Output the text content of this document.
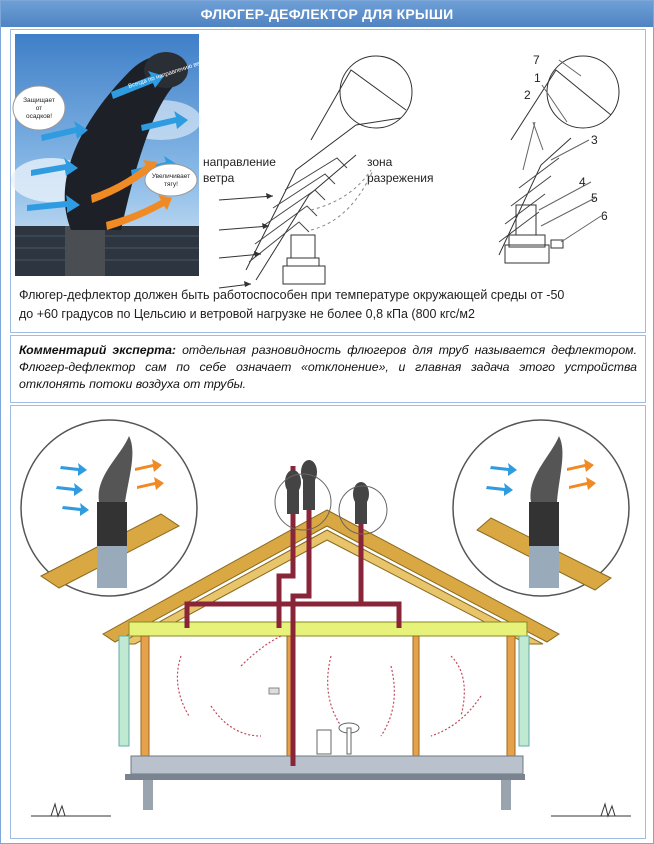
ФЛЮГЕР-ДЕФЛЕКТОР ДЛЯ КРЫШИ
Защищает от осадков!
Увеличивает тягу!
Всегда по направлению ветра!
направление
ветра
зона
разрежения
7
1
2
3
4
5
6
Флюгер-дефлектор должен быть работоспособен при температуре окружающей среды от -50
до +60 градусов по Цельсию и ветровой нагрузке не более 0,8 кПа (800 кгс/м2

Комментарий эксперта: отдельная разновидность флюгеров для труб называется дефлектором. Флюгер-дефлектор сам по себе означает «отклонение», и главная задача этого устройства отклонять потоки воздуха от трубы.
